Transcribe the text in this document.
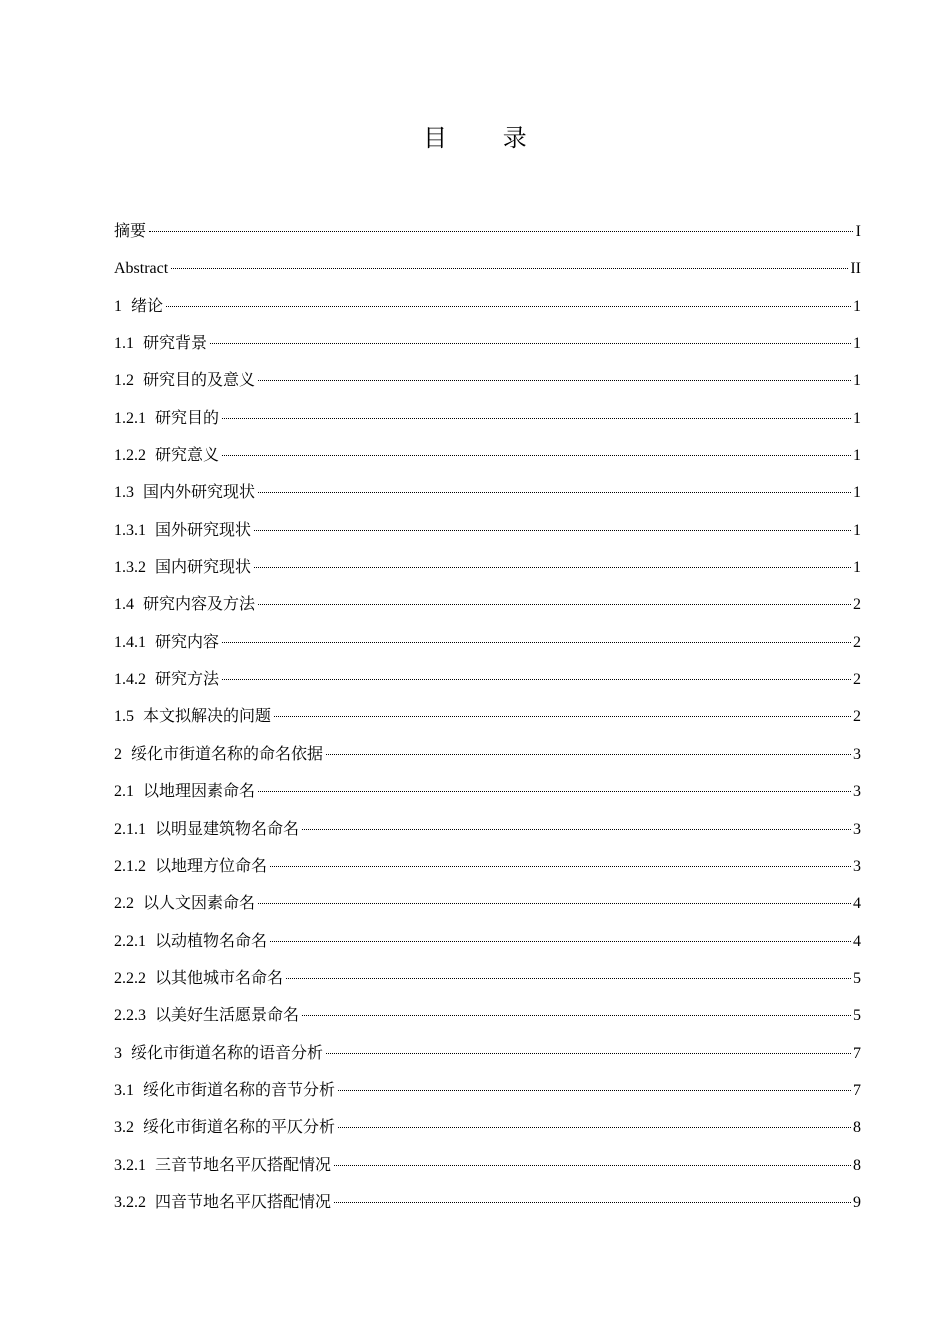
目 录
摘要	I
Abstract	II
1 绪论	1
1.1 研究背景	1
1.2 研究目的及意义	1
1.2.1 研究目的	1
1.2.2 研究意义	1
1.3 国内外研究现状	1
1.3.1 国外研究现状	1
1.3.2 国内研究现状	1
1.4 研究内容及方法	2
1.4.1 研究内容	2
1.4.2 研究方法	2
1.5 本文拟解决的问题	2
2 绥化市街道名称的命名依据	3
2.1 以地理因素命名	3
2.1.1 以明显建筑物名命名	3
2.1.2 以地理方位命名	3
2.2 以人文因素命名	4
2.2.1 以动植物名命名	4
2.2.2 以其他城市名命名	5
2.2.3 以美好生活愿景命名	5
3 绥化市街道名称的语音分析	7
3.1 绥化市街道名称的音节分析	7
3.2 绥化市街道名称的平仄分析	8
3.2.1 三音节地名平仄搭配情况	8
3.2.2 四音节地名平仄搭配情况	9
